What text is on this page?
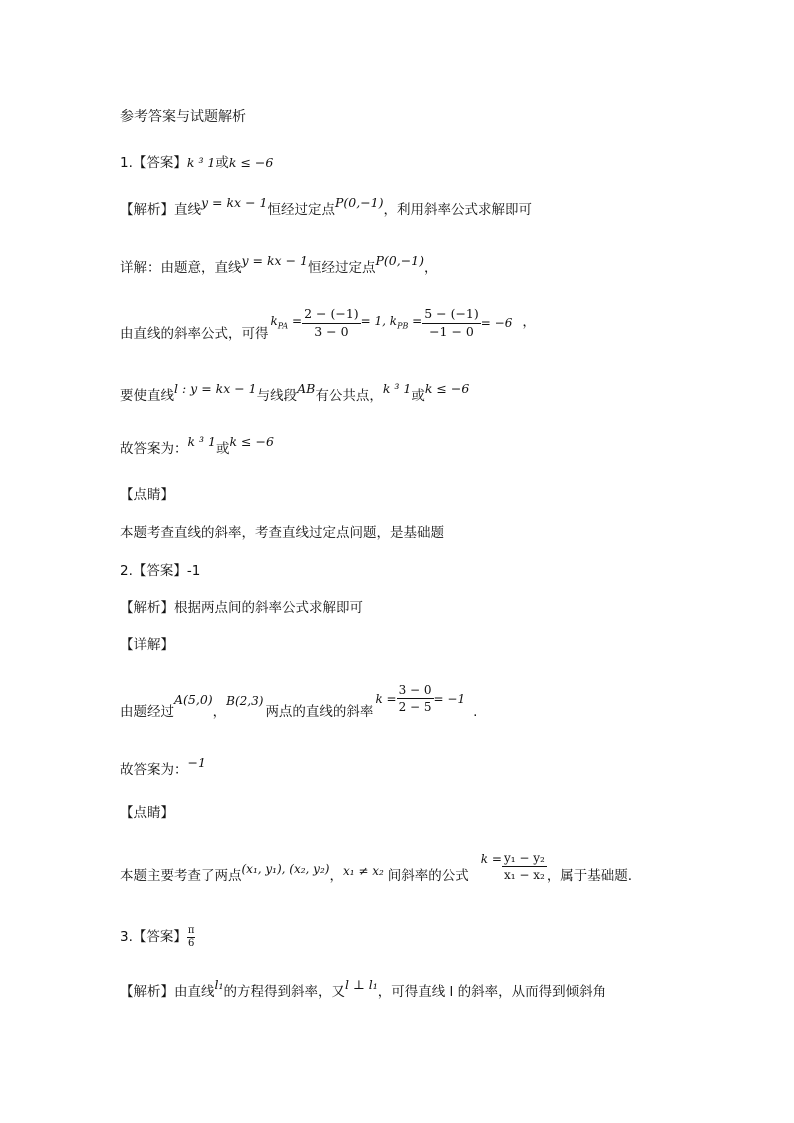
参考答案与试题解析
1.【答案】k ³ 1或k ≤ −6
【解析】直线y = kx − 1恒经过定点P(0,−1)，利用斜率公式求解即可
详解：由题意，直线y = kx − 1恒经过定点P(0,−1)，
由直线的斜率公式，可得
$k_{PA} = \frac{2 - (-1)}{3 - 0} = 1$, $k_{PB} = \frac{5 - (-1)}{-1 - 0} = -6$ ，
要使直线l : y = kx − 1与线段AB有公共点，k ³ 1或k ≤ −6
故答案为：k ³ 1或k ≤ −6
【点睛】
本题考查直线的斜率，考查直线过定点问题，是基础题
2.【答案】-1
【解析】根据两点间的斜率公式求解即可
【详解】
由题经过
A(5,0)
，
B(2,3)
两点的直线的斜率
$k = \frac{3 - 0}{2 - 5} = -1$
.
故答案为：−1
【点睛】
本题主要考查了两点 (x₁, y₁), (x₂, y₂) ， x₁ ≠ x₂ 间斜率的公式
$k = \frac{\text{y₁ − y₂}}{\text{x₁ − x₂}}$ ，属于基础题.
3.【答案】 $\frac{\pi}{6}$
【解析】由直线l₁的方程得到斜率，又l ⊥ l₁，可得直线 l 的斜率，从而得到倾斜角
